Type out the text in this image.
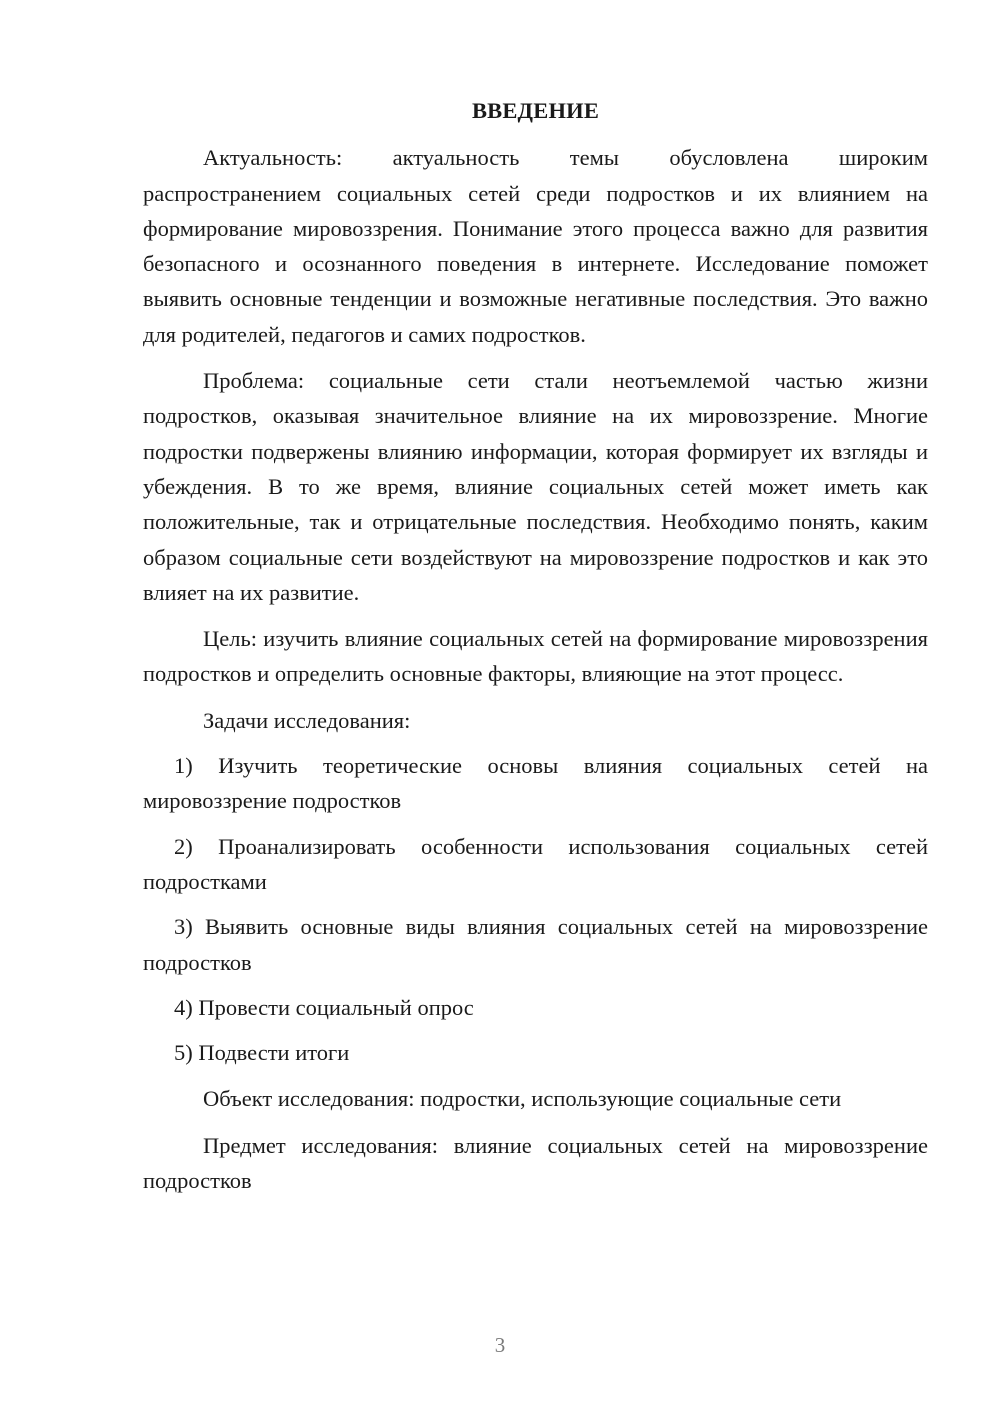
ВВЕДЕНИЕ

Актуальность: актуальность темы обусловлена широким распространением социальных сетей среди подростков и их влиянием на формирование мировоззрения. Понимание этого процесса важно для развития безопасного и осознанного поведения в интернете. Исследование поможет выявить основные тенденции и возможные негативные последствия. Это важно для родителей, педагогов и самих подростков.

Проблема: социальные сети стали неотъемлемой частью жизни подростков, оказывая значительное влияние на их мировоззрение. Многие подростки подвержены влиянию информации, которая формирует их взгляды и убеждения. В то же время, влияние социальных сетей может иметь как положительные, так и отрицательные последствия. Необходимо понять, каким образом социальные сети воздействуют на мировоззрение подростков и как это влияет на их развитие.

Цель: изучить влияние социальных сетей на формирование мировоззрения подростков и определить основные факторы, влияющие на этот процесс.

Задачи исследования:

1) Изучить теоретические основы влияния социальных сетей на мировоззрение подростков

2) Проанализировать особенности использования социальных сетей подростками

3) Выявить основные виды влияния социальных сетей на мировоззрение подростков

4) Провести социальный опрос

5) Подвести итоги

Объект исследования: подростки, использующие социальные сети

Предмет исследования: влияние социальных сетей на мировоззрение подростков

3
